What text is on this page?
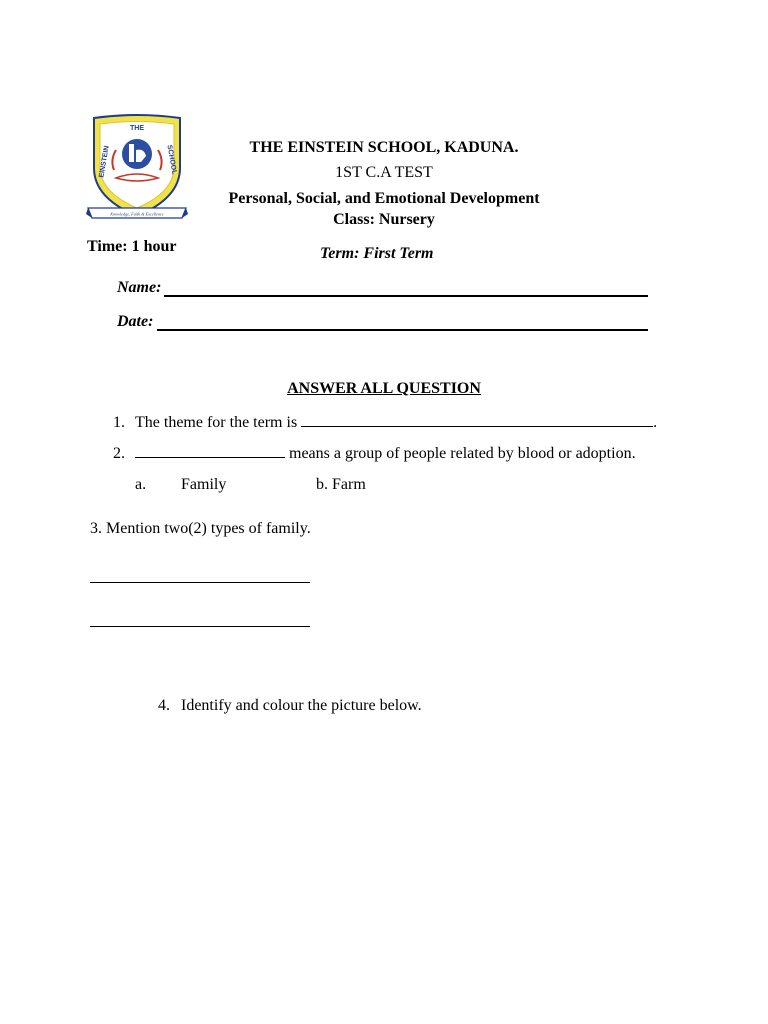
THE
EINSTEIN	SCHOOL
Knowledge, Faith & Excellence
THE EINSTEIN SCHOOL, KADUNA.
1ST C.A TEST
Personal, Social, and Emotional Development
Class: Nursery
Time: 1 hour	Term: First Term
Name:
Date:
ANSWER ALL QUESTION
1. The theme for the term is	.
2.	means a group of people related by blood or adoption.
a. Family	b. Farm
3. Mention two(2) types of family.
4. Identify and colour the picture below.
